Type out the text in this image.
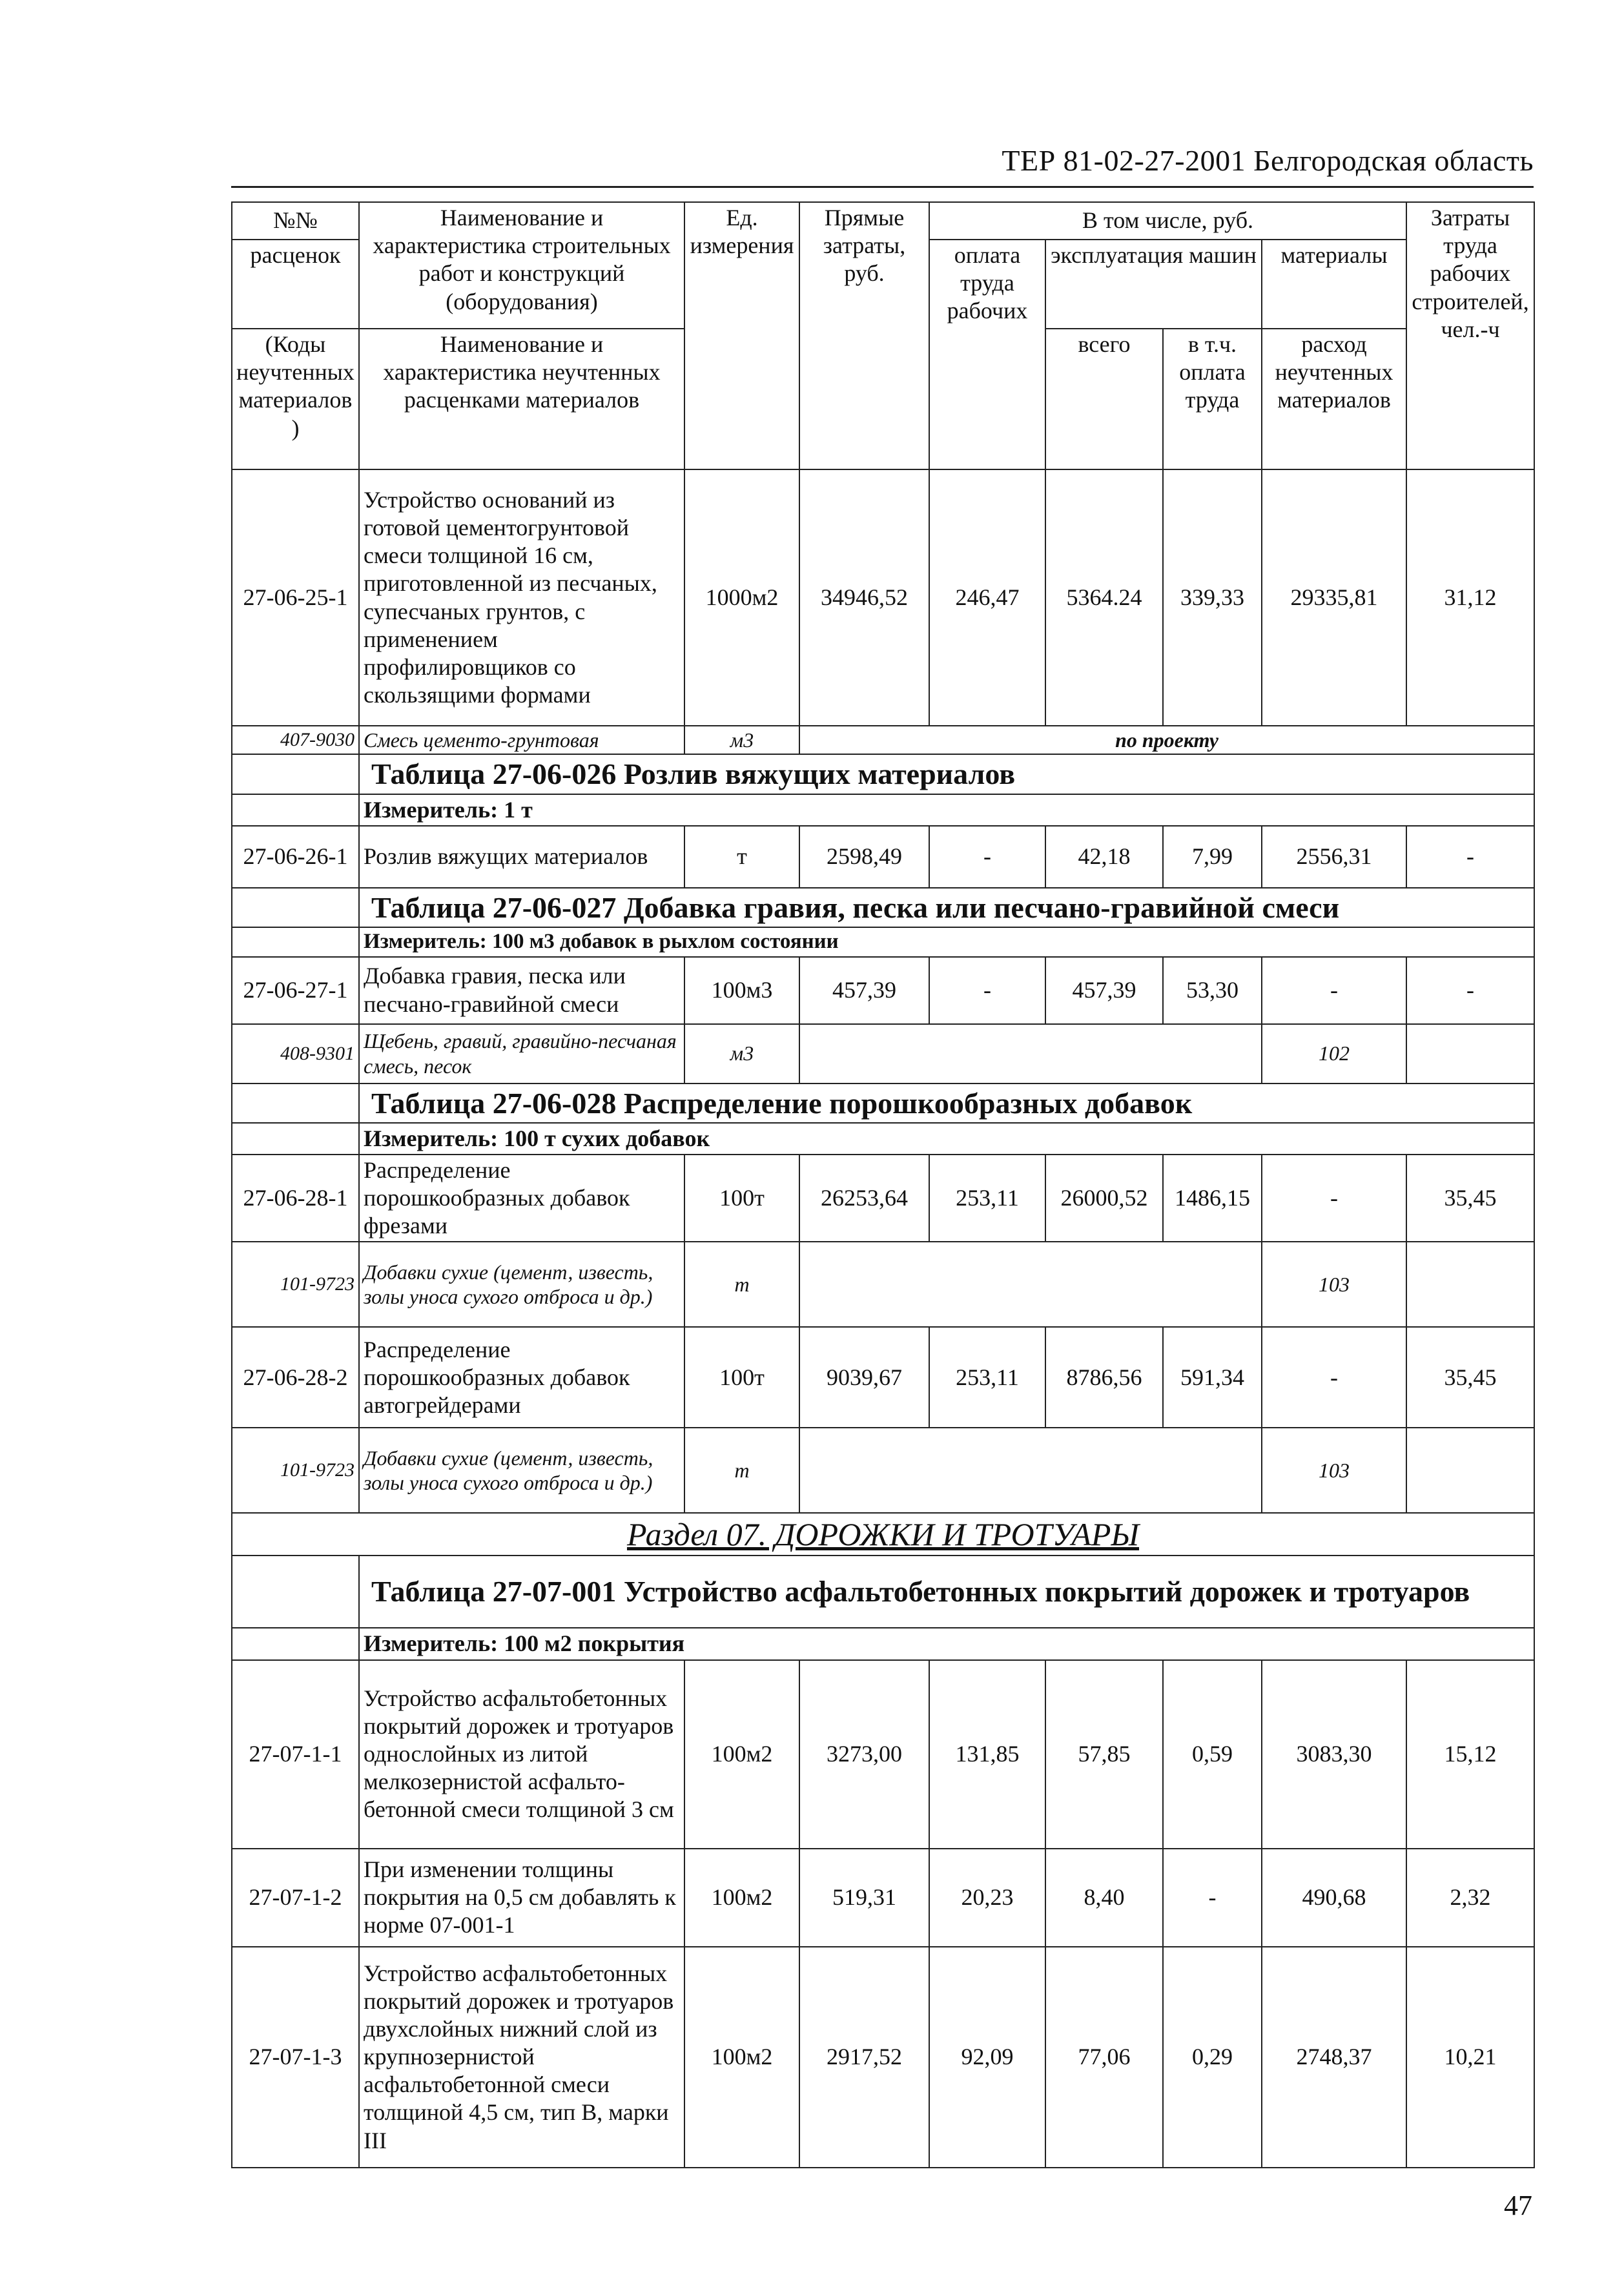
ТЕР 81-02-27-2001 Белгородская область
№№	Наименование и характеристика строительных работ и конструкций (оборудования)	Ед. измерения	Прямые затраты, руб.	В том числе, руб.				Затраты труда рабочих строителей, чел.-ч
расценок				оплата труда рабочих	эксплуатация машин		материалы	
(Коды неучтенных материалов)	Наименование и характеристика неучтенных расценками материалов				всего	в т.ч. оплата труда	расход неучтенных материалов	

27-06-25-1	Устройство оснований из готовой цементогрунтовой смеси толщиной 16 см, приготовленной из песчаных, супесчаных грунтов, с применением профилировщиков со скользящими формами	1000м2	34946,52	246,47	5364.24	339,33	29335,81	31,12
407-9030	Смесь цементо-грунтовая	м3	по проекту					
	Таблица 27-06-026 Розлив вяжущих материалов							
	Измеритель: 1 т							
27-06-26-1	Розлив вяжущих материалов	т	2598,49	-	42,18	7,99	2556,31	-
	Таблица 27-06-027 Добавка гравия, песка или песчано-гравийной смеси							
	Измеритель: 100 м3 добавок в рыхлом состоянии							
27-06-27-1	Добавка гравия, песка или песчано-гравийной смеси	100м3	457,39	-	457,39	53,30	-	-
408-9301	Щебень, гравий, гравийно-песчаная смесь, песок	м3					102	
	Таблица 27-06-028 Распределение порошкообразных добавок							
	Измеритель: 100 т сухих добавок							
27-06-28-1	Распределение порошкообразных добавок фрезами	100т	26253,64	253,11	26000,52	1486,15	-	35,45
101-9723	Добавки сухие (цемент, известь, золы уноса сухого отброса и др.)	т					103	
27-06-28-2	Распределение порошкообразных добавок автогрейдерами	100т	9039,67	253,11	8786,56	591,34	-	35,45
101-9723	Добавки сухие (цемент, известь, золы уноса сухого отброса и др.)	т					103	
Раздел 07. ДОРОЖКИ И ТРОТУАРЫ								
	Таблица 27-07-001 Устройство асфальтобетонных покрытий дорожек и тротуаров							
	Измеритель: 100 м2 покрытия							
27-07-1-1	Устройство асфальтобетонных покрытий дорожек и тротуаров однослойных из литой мелкозернистой асфальто-бетонной смеси толщиной 3 см	100м2	3273,00	131,85	57,85	0,59	3083,30	15,12
27-07-1-2	При изменении толщины покрытия на 0,5 см добавлять к норме 07-001-1	100м2	519,31	20,23	8,40	-	490,68	2,32
27-07-1-3	Устройство асфальтобетонных покрытий дорожек и тротуаров двухслойных нижний слой из крупнозернистой асфальтобетонной смеси толщиной 4,5 см, тип В, марки III	100м2	2917,52	92,09	77,06	0,29	2748,37	10,21
47
